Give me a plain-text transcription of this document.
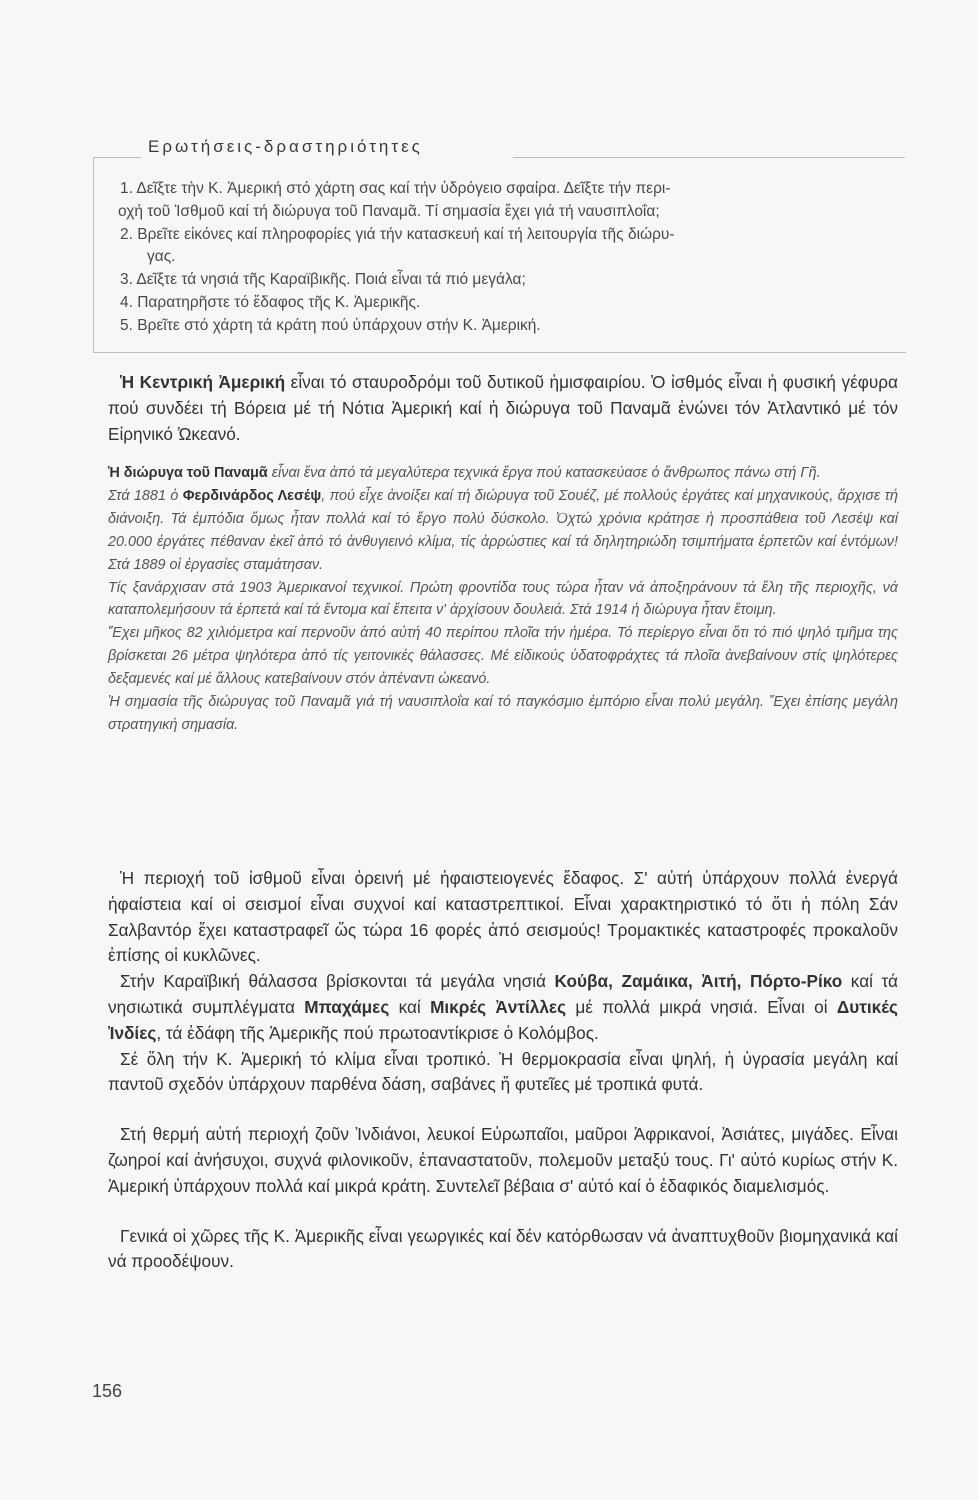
Ερωτήσεις-δραστηριότητες
1. Δεῖξτε τὴν Κ. Ἀμερική στό χάρτη σας καί τήν ὑδρόγειο σφαίρα. Δεῖξτε τήν περι-
οχή τοῦ Ἰσθμοῦ καί τή διώρυγα τοῦ Παναμᾶ. Τί σημασία ἔχει γιά τή ναυσιπλοΐα;
2. Βρεῖτε εἰκόνες καί πληροφορίες γιά τήν κατασκευή καί τή λειτουργία τῆς διώρυ-
γας.
3. Δεῖξτε τά νησιά τῆς Καραϊβικῆς. Ποιά εἶναι τά πιό μεγάλα;
4. Παρατηρῆστε τό ἔδαφος τῆς Κ. Ἀμερικῆς.
5. Βρεῖτε στό χάρτη τά κράτη πού ὑπάρχουν στήν Κ. Ἀμερική.

Ἡ Κεντρική Ἀμερική εἶναι τό σταυροδρόμι τοῦ δυτικοῦ ἡμισφαιρίου. Ὁ ἰσθμός εἶναι ἡ φυσική γέφυρα πού συνδέει τή Βόρεια μέ τή Νότια Ἀμερική καί ἡ διώρυγα τοῦ Παναμᾶ ἑνώνει τόν Ἀτλαντικό μέ τόν Εἰρηνικό Ὠκεανό.

Ἡ διώρυγα τοῦ Παναμᾶ εἶναι ἕνα ἀπό τά μεγαλύτερα τεχνικά ἔργα πού κατασκεύασε ὁ ἄνθρωπος πάνω στή Γῆ.

Στά 1881 ὁ Φερδινάρδος Λεσέψ, πού εἶχε ἀνοίξει καί τή διώρυγα τοῦ Σουέζ, μέ πολλούς ἐργάτες καί μηχανικούς, ἄρχισε τή διάνοιξη. Τά ἐμπόδια ὅμως ἦταν πολλά καί τό ἔργο πολύ δύσκολο. Ὀχτώ χρόνια κράτησε ἡ προσπάθεια τοῦ Λεσέψ καί 20.000 ἐργάτες πέθαναν ἐκεῖ ἀπό τό ἀνθυγιεινό κλίμα, τίς ἀρρώστιες καί τά δηλητηριώδη τσιμπήματα ἑρπετῶν καί ἐντόμων! Στά 1889 οἱ ἐργασίες σταμάτησαν.

Τίς ξανάρχισαν στά 1903 Ἀμερικανοί τεχνικοί. Πρώτη φροντίδα τους τώρα ἦταν νά ἀποξηράνουν τά ἕλη τῆς περιοχῆς, νά καταπολεμήσουν τά ἑρπετά καί τά ἔντομα καί ἔπειτα ν' ἀρχίσουν δουλειά. Στά 1914 ἡ διώρυγα ἦταν ἕτοιμη.

Ἔχει μῆκος 82 χιλιόμετρα καί περνοῦν ἀπό αὐτή 40 περίπου πλοῖα τήν ἡμέρα. Τό περίεργο εἶναι ὅτι τό πιό ψηλό τμῆμα της βρίσκεται 26 μέτρα ψηλότερα ἀπό τίς γειτονικές θάλασσες. Μέ εἰδικούς ὑδατοφράχτες τά πλοῖα ἀνεβαίνουν στίς ψηλότερες δεξαμενές καί μέ ἄλλους κατεβαίνουν στόν ἀπέναντι ὠκεανό.

Ἡ σημασία τῆς διώρυγας τοῦ Παναμᾶ γιά τή ναυσιπλοΐα καί τό παγκόσμιο ἐμπόριο εἶναι πολύ μεγάλη. Ἔχει ἐπίσης μεγάλη στρατηγική σημασία.

Ἡ περιοχή τοῦ ἰσθμοῦ εἶναι ὀρεινή μέ ἡφαιστειογενές ἔδαφος. Σ' αὐτή ὑπάρχουν πολλά ἐνεργά ἡφαίστεια καί οἱ σεισμοί εἶναι συχνοί καί καταστρεπτικοί. Εἶναι χαρακτηριστικό τό ὅτι ἡ πόλη Σάν Σαλβαντόρ ἔχει καταστραφεῖ ὥς τώρα 16 φορές ἀπό σεισμούς! Τρομακτικές καταστροφές προκαλοῦν ἐπίσης οἱ κυκλῶνες.

Στήν Καραϊβική θάλασσα βρίσκονται τά μεγάλα νησιά Κούβα, Ζαμάικα, Ἀιτή, Πόρτο-Ρίκο καί τά νησιωτικά συμπλέγματα Μπαχάμες καί Μικρές Ἀντίλλες μέ πολλά μικρά νησιά. Εἶναι οἱ Δυτικές Ἰνδίες, τά ἐδάφη τῆς Ἀμερικῆς πού πρωτοαντίκρισε ὁ Κολόμβος.

Σέ ὅλη τήν Κ. Ἀμερική τό κλίμα εἶναι τροπικό. Ἡ θερμοκρασία εἶναι ψηλή, ἡ ὑγρασία μεγάλη καί παντοῦ σχεδόν ὑπάρχουν παρθένα δάση, σαβάνες ἤ φυτεῖες μέ τροπικά φυτά.

Στή θερμή αὐτή περιοχή ζοῦν Ἰνδιάνοι, λευκοί Εὐρωπαῖοι, μαῦροι Ἀφρικανοί, Ἀσιάτες, μιγάδες. Εἶναι ζωηροί καί ἀνήσυχοι, συχνά φιλονικοῦν, ἐπαναστατοῦν, πολεμοῦν μεταξύ τους. Γι' αὐτό κυρίως στήν Κ. Ἀμερική ὑπάρχουν πολλά καί μικρά κράτη. Συντελεῖ βέβαια σ' αὐτό καί ὁ ἐδαφικός διαμελισμός.

Γενικά οἱ χῶρες τῆς Κ. Ἀμερικῆς εἶναι γεωργικές καί δέν κατόρθωσαν νά ἀναπτυχθοῦν βιομηχανικά καί νά προοδέψουν.

156
